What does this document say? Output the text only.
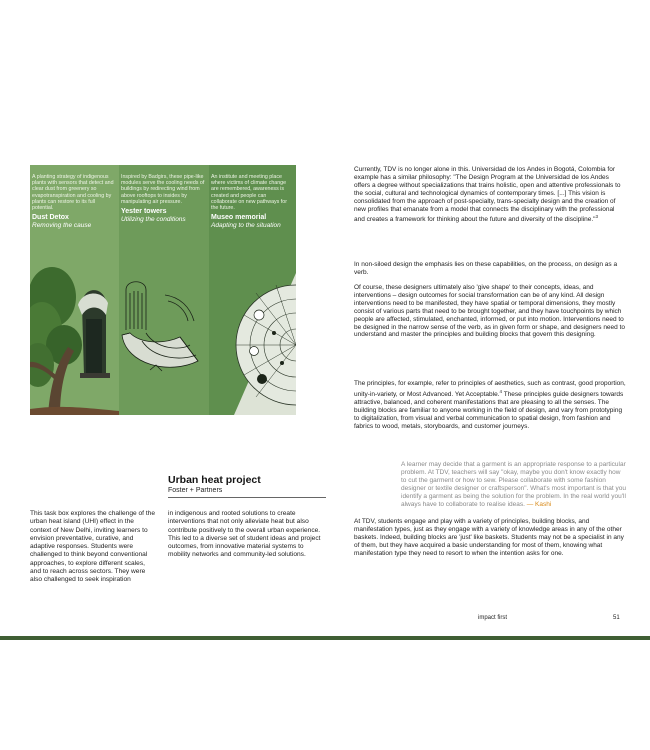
A planting strategy of indigenous plants with sensors that detect and clear dust from greenery so evapotranspiration and cooling by plants can restore to its full potential.
Dust Detox
Removing the cause
Inspired by Badgirs, these pipe-like modules serve the cooling needs of buildings by redirecting wind from above rooftops to insides by manipulating air pressure.
Yester towers
Utilizing the conditions
An institute and meeting place where victims of climate change are remembered, awareness is created and people can collaborate on new pathways for the future.
Museo memorial
Adapting to the situation
Urban heat project
Foster + Partners
This task box explores the challenge of the urban heat island (UHI) effect in the context of New Delhi, inviting learners to envision preventative, curative, and adaptive responses. Students were challenged to think beyond conventional approaches, to explore different scales, and to reach across sectors. They were also challenged to seek inspiration
in indigenous and rooted solutions to create interventions that not only alleviate heat but also contribute positively to the overall urban experience. This led to a diverse set of student ideas and project outcomes, from innovative material systems to mobility networks and community-led solutions.
Currently, TDV is no longer alone in this. Universidad de los Andes in Bogotá, Colombia for example has a similar philosophy: "The Design Program at the Universidad de los Andes offers a degree without specializations that trains holistic, open and attentive professionals to the social, cultural and technological dynamics of contemporary times. [...] This vision is consolidated from the approach of post-specialty, trans-specialty design and the creation of new profiles that emanate from a model that connects the disciplinary with the professional and creates a framework for thinking about the future and diversity of the discipline."$^3$
In non-siloed design the emphasis lies on these capabilities, on the process, on design as a verb.
Of course, these designers ultimately also 'give shape' to their concepts, ideas, and interventions – design outcomes for social transformation can be of any kind. All design interventions need to be manifested, they have spatial or temporal dimensions, they mostly consist of various parts that need to be brought together, and they have touchpoints by which people are affected, stimulated, enchanted, informed, or put into motion. Interventions need to be designed in the narrow sense of the verb, as in given form or shape, and designers need to understand and master the principles and building blocks that govern this designing.
The principles, for example, refer to principles of aesthetics, such as contrast, good proportion, unity-in-variety, or Most Advanced. Yet Acceptable.$^4$ These principles guide designers towards attractive, balanced, and coherent manifestations that are pleasing to all the senses. The building blocks are familiar to anyone working in the field of design, and vary from prototyping to digitalization, from visual and verbal communication to spatial design, from fashion and fabrics to wood, metals, storyboards, and customer journeys.
A learner may decide that a garment is an appropriate response to a particular problem. At TDV, teachers will say "okay, maybe you don't know exactly how to cut the garment or how to sew. Please collaborate with some fashion designer or textile designer or craftsperson". What's most important is that you identify a garment as being the solution for the problem. In the real world you'll always have to collaborate to realise ideas. — Kashi
At TDV, students engage and play with a variety of principles, building blocks, and manifestation types, just as they engage with a variety of knowledge areas in any of the other baskets. Indeed, building blocks are 'just' like baskets. Students may not be a specialist in any of them, but they have acquired a basic understanding for most of them, knowing what manifestation type they need to resort to when the intention asks for one.
impact first	51
